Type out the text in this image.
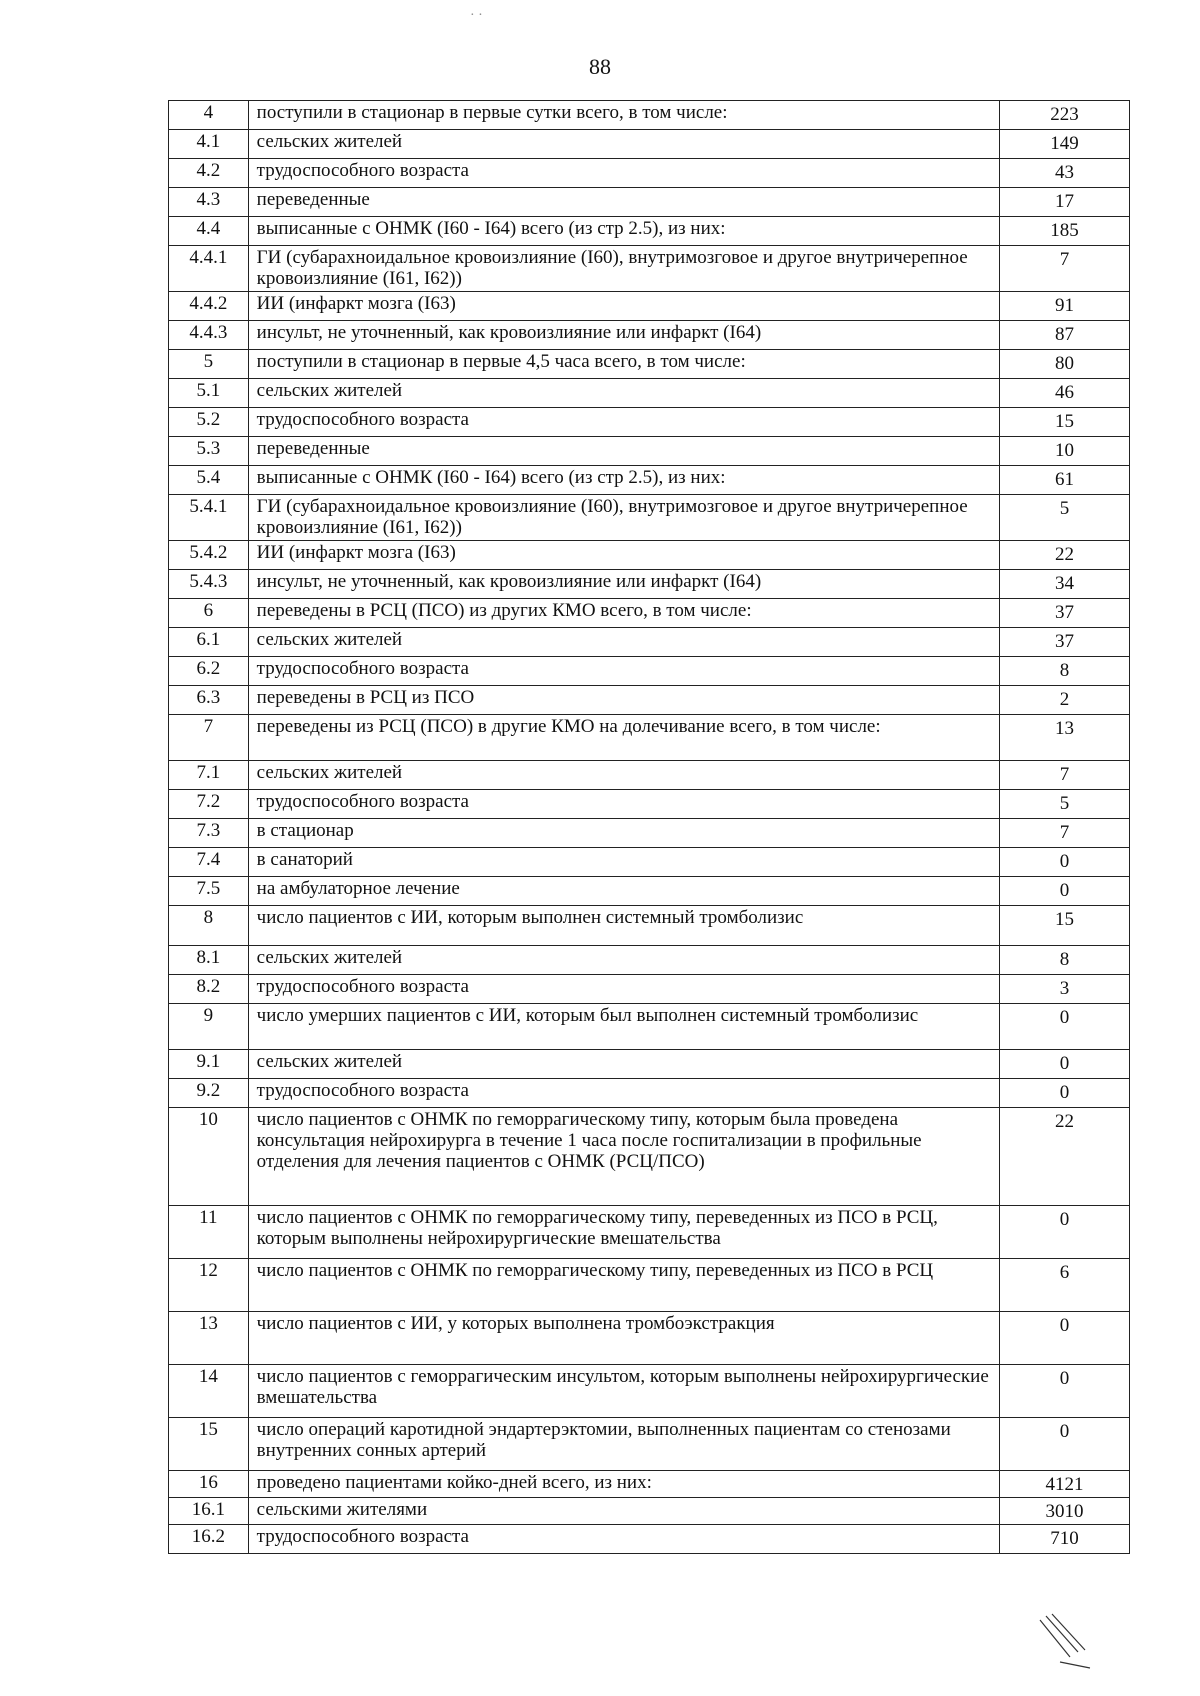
· ·
88
4	поступили в стационар в первые сутки всего, в том числе:	223
4.1	сельских жителей	149
4.2	трудоспособного возраста	43
4.3	переведенные	17
4.4	выписанные с ОНМК (I60 - I64) всего (из стр 2.5), из них:	185
4.4.1	ГИ (субарахноидальное кровоизлияние (I60), внутримозговое и другое внутричерепное кровоизлияние (I61, I62))	7
4.4.2	ИИ (инфаркт мозга (I63)	91
4.4.3	инсульт, не уточненный, как кровоизлияние или инфаркт (I64)	87
5	поступили в стационар в первые 4,5 часа всего, в том числе:	80
5.1	сельских жителей	46
5.2	трудоспособного возраста	15
5.3	переведенные	10
5.4	выписанные с ОНМК (I60 - I64) всего (из стр 2.5), из них:	61
5.4.1	ГИ (субарахноидальное кровоизлияние (I60), внутримозговое и другое внутричерепное кровоизлияние (I61, I62))	5
5.4.2	ИИ (инфаркт мозга (I63)	22
5.4.3	инсульт, не уточненный, как кровоизлияние или инфаркт (I64)	34
6	переведены в РСЦ (ПСО) из других КМО всего, в том числе:	37
6.1	сельских жителей	37
6.2	трудоспособного возраста	8
6.3	переведены в РСЦ из ПСО	2
7	переведены из РСЦ (ПСО) в другие КМО на долечивание всего, в том числе:	13
7.1	сельских жителей	7
7.2	трудоспособного возраста	5
7.3	в стационар	7
7.4	в санаторий	0
7.5	на амбулаторное лечение	0
8	число пациентов с ИИ, которым выполнен системный тромболизис	15
8.1	сельских жителей	8
8.2	трудоспособного возраста	3
9	число умерших пациентов с ИИ, которым был выполнен системный тромболизис	0
9.1	сельских жителей	0
9.2	трудоспособного возраста	0
10	число пациентов с ОНМК по геморрагическому типу, которым была проведена консультация нейрохирурга в течение 1 часа после госпитализации в профильные отделения для лечения пациентов с ОНМК (РСЦ/ПСО)	22
11	число пациентов с ОНМК по геморрагическому типу, переведенных из ПСО в РСЦ, которым выполнены нейрохирургические вмешательства	0
12	число пациентов с ОНМК по геморрагическому типу, переведенных из ПСО в РСЦ	6
13	число пациентов с ИИ, у которых выполнена тромбоэкстракция	0
14	число пациентов с геморрагическим инсультом, которым выполнены нейрохирургические вмешательства	0
15	число операций каротидной эндартерэктомии, выполненных пациентам со стенозами внутренних сонных артерий	0
16	проведено пациентами койко-дней всего, из них:	4121
16.1	сельскими жителями	3010
16.2	трудоспособного возраста	710
